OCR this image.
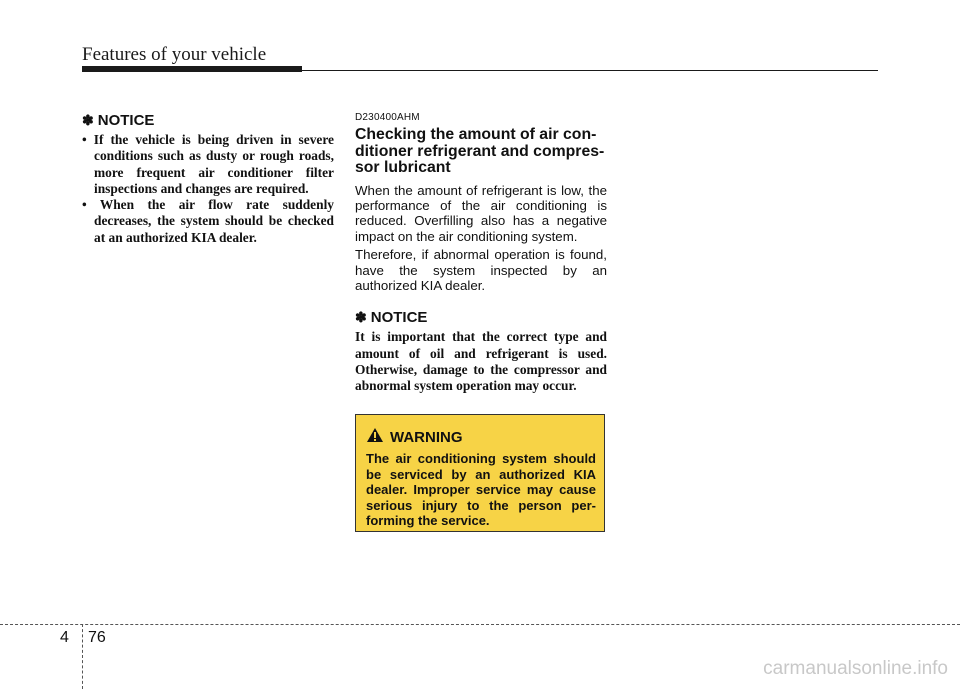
Features of your vehicle
✽ NOTICE
• If the vehicle is being driven in severe conditions such as dusty or rough roads, more frequent air conditioner filter inspections and changes are required.
• When the air flow rate suddenly decreases, the system should be checked at an authorized KIA dealer.
D230400AHM
Checking the amount of air con-ditioner refrigerant and compres-sor lubricant

When the amount of refrigerant is low, the performance of the air conditioning is reduced. Overfilling also has a negative impact on the air conditioning system.

Therefore, if abnormal operation is found, have the system inspected by an authorized KIA dealer.

✽ NOTICE

It is important that the correct type and amount of oil and refrigerant is used. Otherwise, damage to the compressor and abnormal system operation may occur.

WARNING

The air conditioning system should be serviced by an authorized KIA dealer. Improper service may cause serious injury to the person per-forming the service.

4 76
carmanualsonline.info
